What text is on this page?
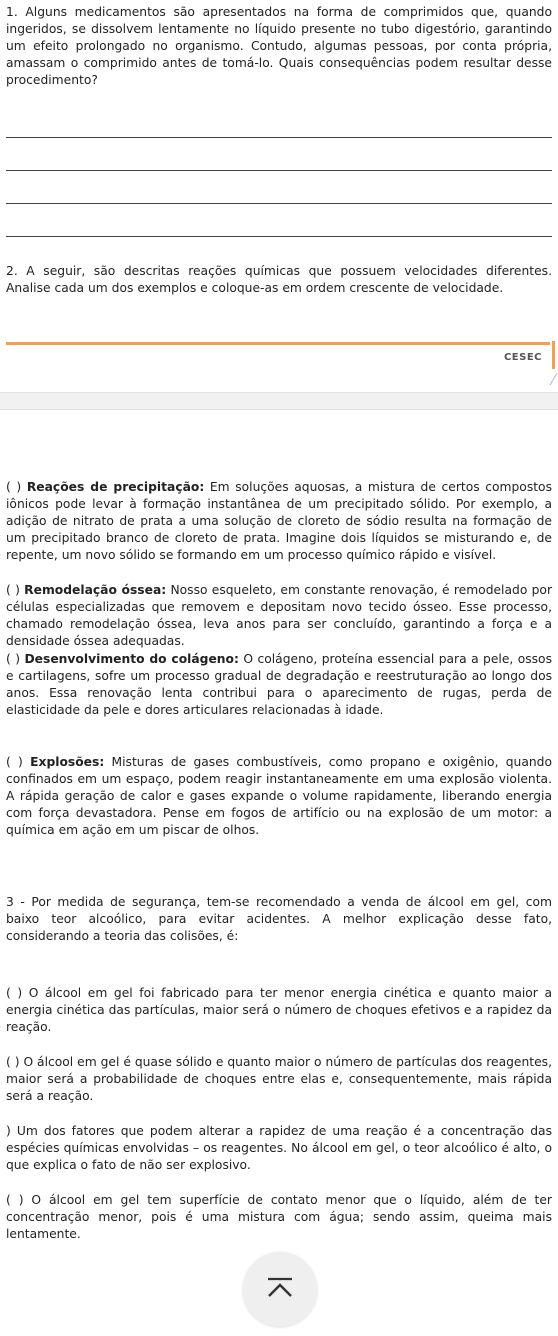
1. Alguns medicamentos são apresentados na forma de comprimidos que, quando ingeridos, se dissolvem lentamente no líquido presente no tubo digestório, garantindo um efeito prolongado no organismo. Contudo, algumas pessoas, por conta própria, amassam o comprimido antes de tomá-lo. Quais consequências podem resultar desse procedimento?

2. A seguir, são descritas reações químicas que possuem velocidades diferentes. Analise cada um dos exemplos e coloque-as em ordem crescente de velocidade.

CESEC

( ) Reações de precipitação: Em soluções aquosas, a mistura de certos compostos iônicos pode levar à formação instantânea de um precipitado sólido. Por exemplo, a adição de nitrato de prata a uma solução de cloreto de sódio resulta na formação de um precipitado branco de cloreto de prata. Imagine dois líquidos se misturando e, de repente, um novo sólido se formando em um processo químico rápido e visível.

( ) Remodelação óssea: Nosso esqueleto, em constante renovação, é remodelado por células especializadas que removem e depositam novo tecido ósseo. Esse processo, chamado remodelação óssea, leva anos para ser concluído, garantindo a força e a densidade óssea adequadas.

( ) Desenvolvimento do colágeno: O colágeno, proteína essencial para a pele, ossos e cartilagens, sofre um processo gradual de degradação e reestruturação ao longo dos anos. Essa renovação lenta contribui para o aparecimento de rugas, perda de elasticidade da pele e dores articulares relacionadas à idade.

( ) Explosões: Misturas de gases combustíveis, como propano e oxigênio, quando confinados em um espaço, podem reagir instantaneamente em uma explosão violenta. A rápida geração de calor e gases expande o volume rapidamente, liberando energia com força devastadora. Pense em fogos de artifício ou na explosão de um motor: a química em ação em um piscar de olhos.

3 - Por medida de segurança, tem-se recomendado a venda de álcool em gel, com baixo teor alcoólico, para evitar acidentes. A melhor explicação desse fato, considerando a teoria das colisões, é:

( ) O álcool em gel foi fabricado para ter menor energia cinética e quanto maior a energia cinética das partículas, maior será o número de choques efetivos e a rapidez da reação.

( ) O álcool em gel é quase sólido e quanto maior o número de partículas dos reagentes, maior será a probabilidade de choques entre elas e, consequentemente, mais rápida será a reação.

) Um dos fatores que podem alterar a rapidez de uma reação é a concentração das espécies químicas envolvidas – os reagentes. No álcool em gel, o teor alcoólico é alto, o que explica o fato de não ser explosivo.

( ) O álcool em gel tem superfície de contato menor que o líquido, além de ter concentração menor, pois é uma mistura com água; sendo assim, queima mais lentamente.
